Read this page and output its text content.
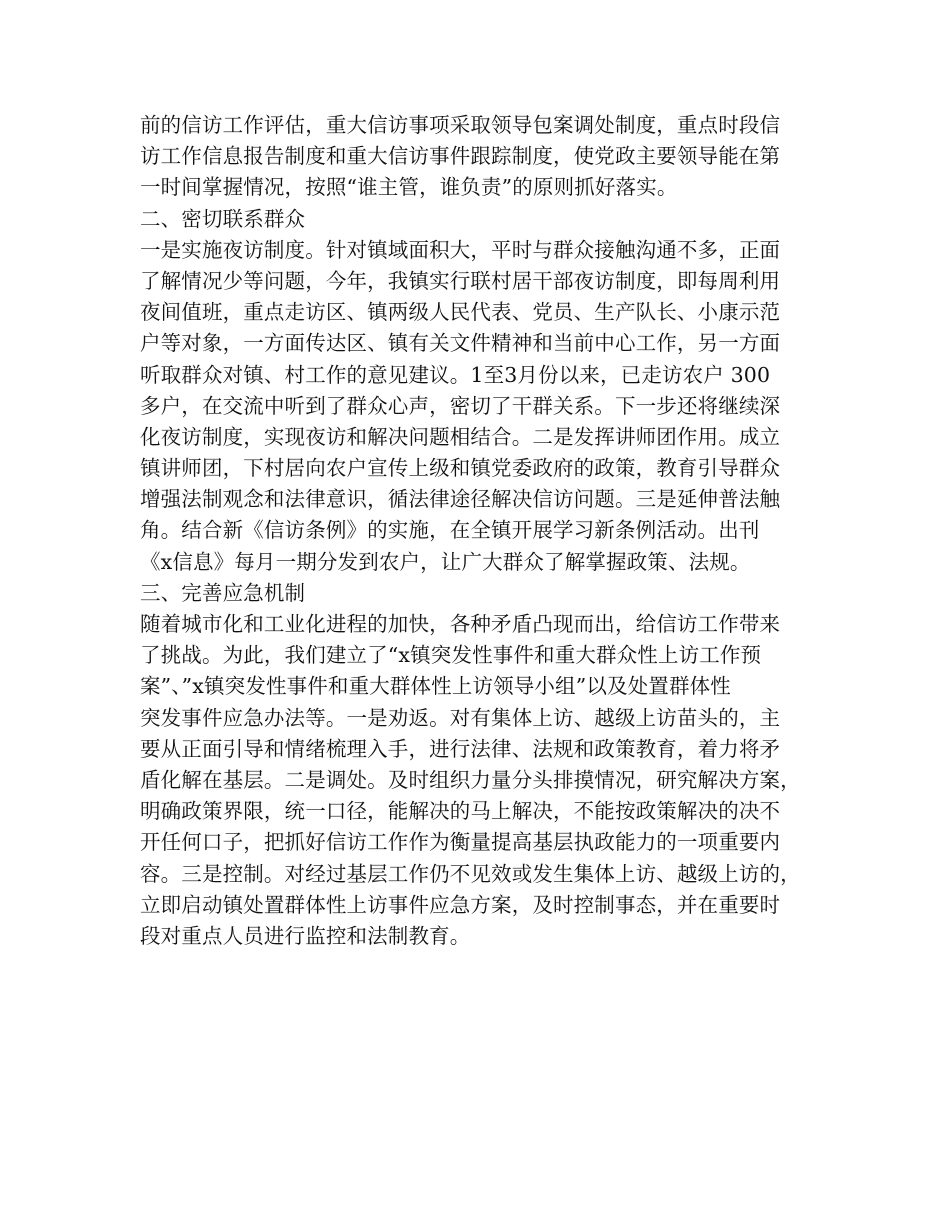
前的信访工作评估，重大信访事项采取领导包案调处制度，重点时段信
访工作信息报告制度和重大信访事件跟踪制度，使党政主要领导能在第
一时间掌握情况，按照“谁主管，谁负责”的原则抓好落实。
二、密切联系群众
一是实施夜访制度。针对镇域面积大，平时与群众接触沟通不多，正面
了解情况少等问题，今年，我镇实行联村居干部夜访制度，即每周利用
夜间值班，重点走访区、镇两级人民代表、党员、生产队长、小康示范
户等对象，一方面传达区、镇有关文件精神和当前中心工作，另一方面
听取群众对镇、村工作的意见建议。1至3月份以来，已走访农户 300
多户，在交流中听到了群众心声，密切了干群关系。下一步还将继续深
化夜访制度，实现夜访和解决问题相结合。二是发挥讲师团作用。成立
镇讲师团，下村居向农户宣传上级和镇党委政府的政策，教育引导群众
增强法制观念和法律意识，循法律途径解决信访问题。三是延伸普法触
角。结合新《信访条例》的实施，在全镇开展学习新条例活动。出刊
《x信息》每月一期分发到农户，让广大群众了解掌握政策、法规。
三、完善应急机制
随着城市化和工业化进程的加快，各种矛盾凸现而出，给信访工作带来
了挑战。为此，我们建立了“x镇突发性事件和重大群众性上访工作预
案”、”x镇突发性事件和重大群体性上访领导小组”以及处置群体性
突发事件应急办法等。一是劝返。对有集体上访、越级上访苗头的，主
要从正面引导和情绪梳理入手，进行法律、法规和政策教育，着力将矛
盾化解在基层。二是调处。及时组织力量分头排摸情况，研究解决方案，
明确政策界限，统一口径，能解决的马上解决，不能按政策解决的决不
开任何口子，把抓好信访工作作为衡量提高基层执政能力的一项重要内
容。三是控制。对经过基层工作仍不见效或发生集体上访、越级上访的，
立即启动镇处置群体性上访事件应急方案，及时控制事态，并在重要时
段对重点人员进行监控和法制教育。
